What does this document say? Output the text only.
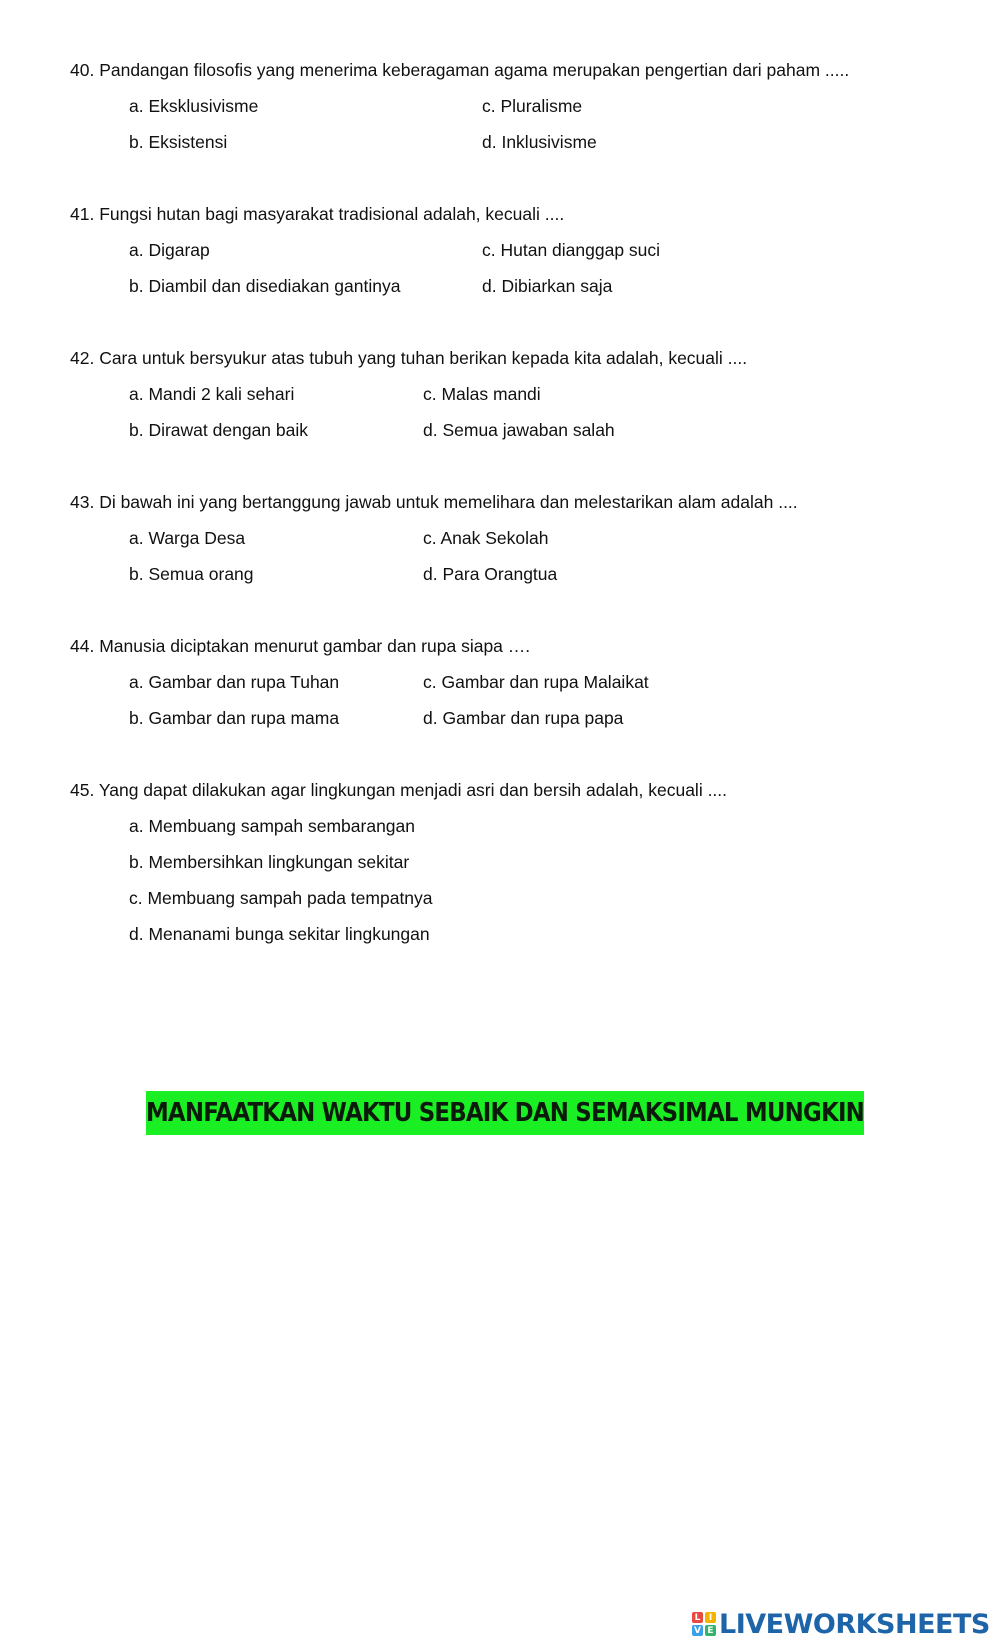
40. Pandangan filosofis yang menerima keberagaman agama merupakan pengertian dari paham .....
a. Eksklusivisme	c. Pluralisme
b. Eksistensi	d. Inklusivisme
41. Fungsi hutan bagi masyarakat tradisional adalah, kecuali ....
a. Digarap	c. Hutan dianggap suci
b. Diambil dan disediakan gantinya	d. Dibiarkan saja
42. Cara untuk bersyukur atas tubuh yang tuhan berikan kepada kita adalah, kecuali ....
a. Mandi 2 kali sehari	c. Malas mandi
b. Dirawat dengan baik	d. Semua jawaban salah
43. Di bawah ini yang bertanggung jawab untuk memelihara dan melestarikan alam adalah ....
a. Warga Desa	c. Anak Sekolah
b. Semua orang	d. Para Orangtua
44. Manusia diciptakan menurut gambar dan rupa siapa ….
a. Gambar dan rupa Tuhan	c. Gambar dan rupa Malaikat
b. Gambar dan rupa mama	d. Gambar dan rupa papa
45. Yang dapat dilakukan agar lingkungan menjadi asri dan bersih adalah, kecuali ....
a. Membuang sampah sembarangan
b. Membersihkan lingkungan sekitar
c. Membuang sampah pada tempatnya
d. Menanami bunga sekitar lingkungan
MANFAATKAN WAKTU SEBAIK DAN SEMAKSIMAL MUNGKIN
L I
V E LIVEWORKSHEETS
